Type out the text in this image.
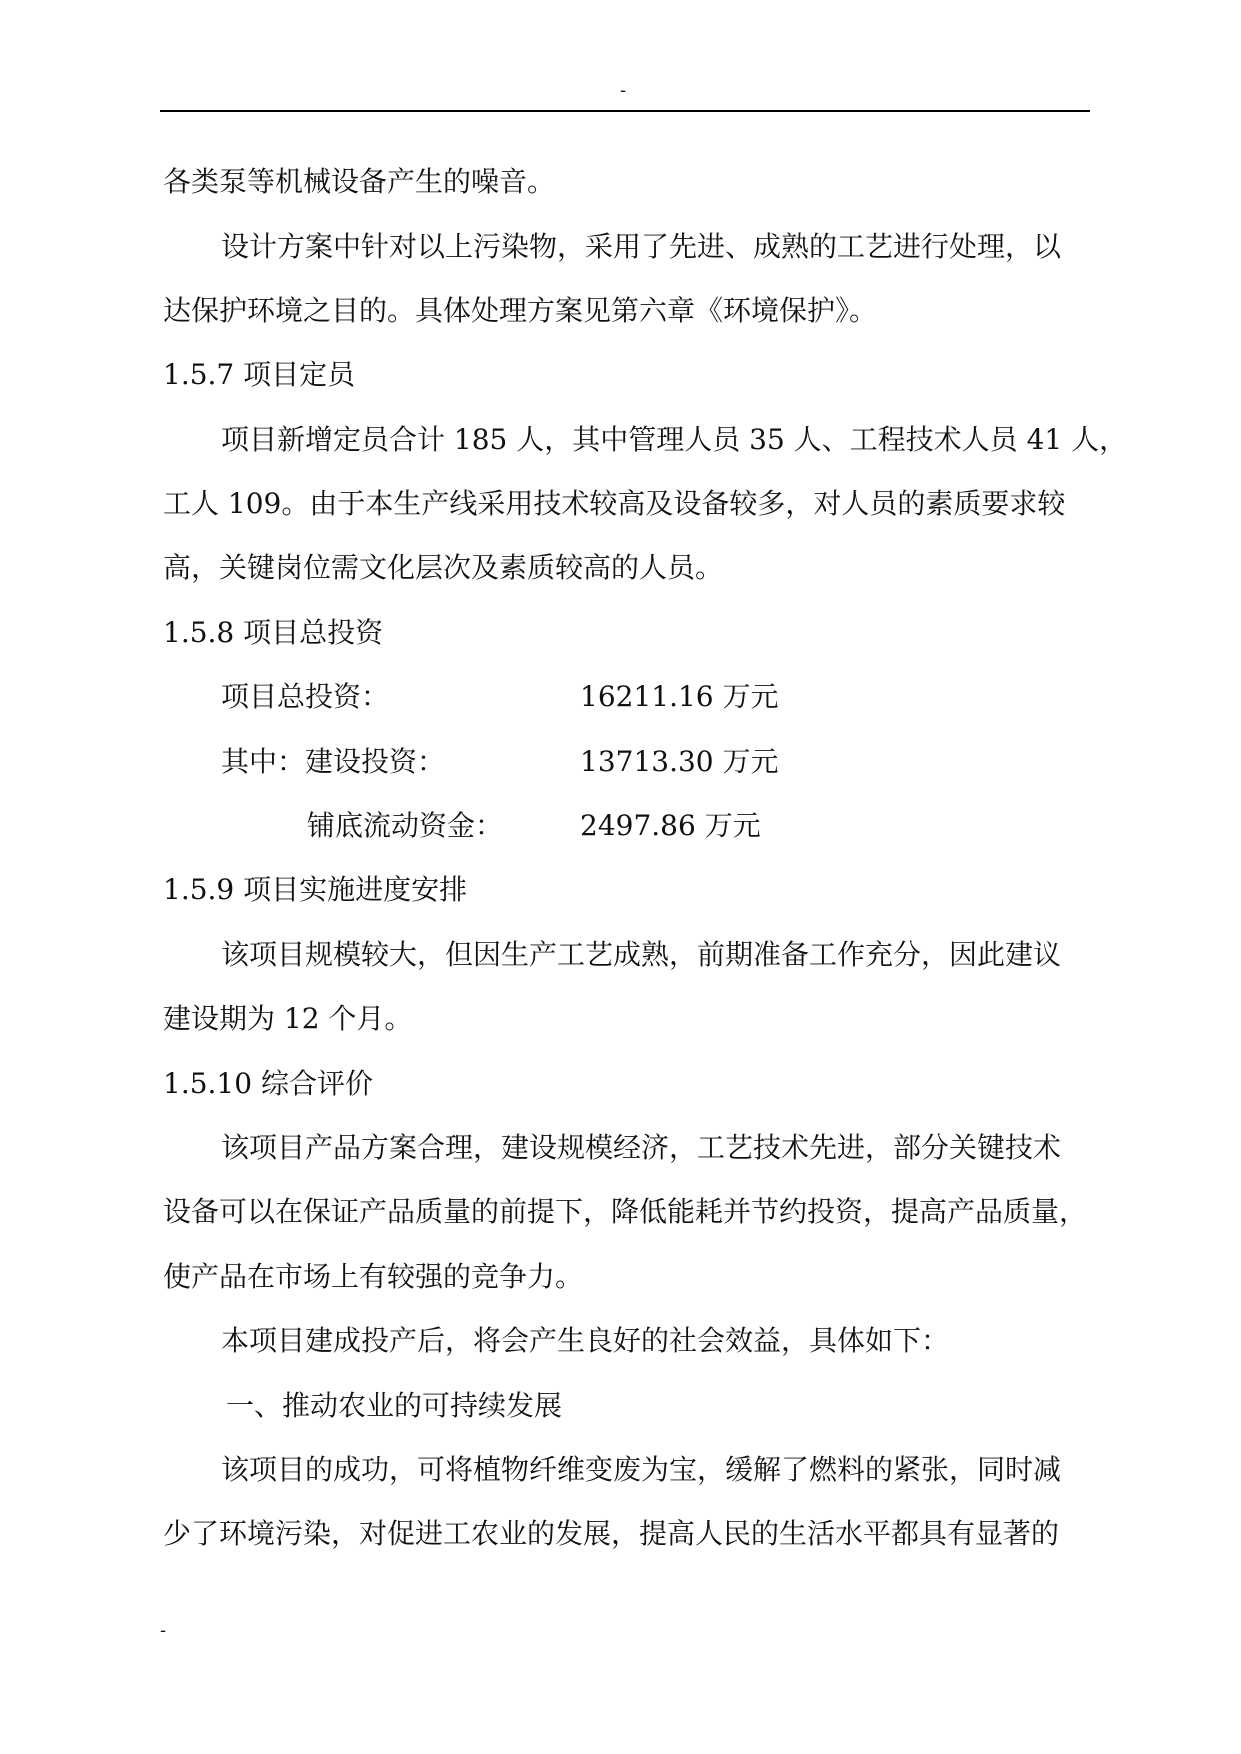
-
各类泵等机械设备产生的噪音。
设计方案中针对以上污染物，采用了先进、成熟的工艺进行处理，以
达保护环境之目的。具体处理方案见第六章《环境保护》。
1.5.7 项目定员
项目新增定员合计 185 人，其中管理人员 35 人、工程技术人员 41 人，
工人 109。由于本生产线采用技术较高及设备较多，对人员的素质要求较
高，关键岗位需文化层次及素质较高的人员。
1.5.8 项目总投资
项目总投资：	16211.16 万元
其中：建设投资：	13713.30 万元
铺底流动资金：	2497.86 万元
1.5.9 项目实施进度安排
该项目规模较大，但因生产工艺成熟，前期准备工作充分，因此建议
建设期为 12 个月。
1.5.10 综合评价
该项目产品方案合理，建设规模经济，工艺技术先进，部分关键技术
设备可以在保证产品质量的前提下，降低能耗并节约投资，提高产品质量，
使产品在市场上有较强的竞争力。
本项目建成投产后，将会产生良好的社会效益，具体如下：
一、推动农业的可持续发展
该项目的成功，可将植物纤维变废为宝，缓解了燃料的紧张，同时减
少了环境污染，对促进工农业的发展，提高人民的生活水平都具有显著的
-
